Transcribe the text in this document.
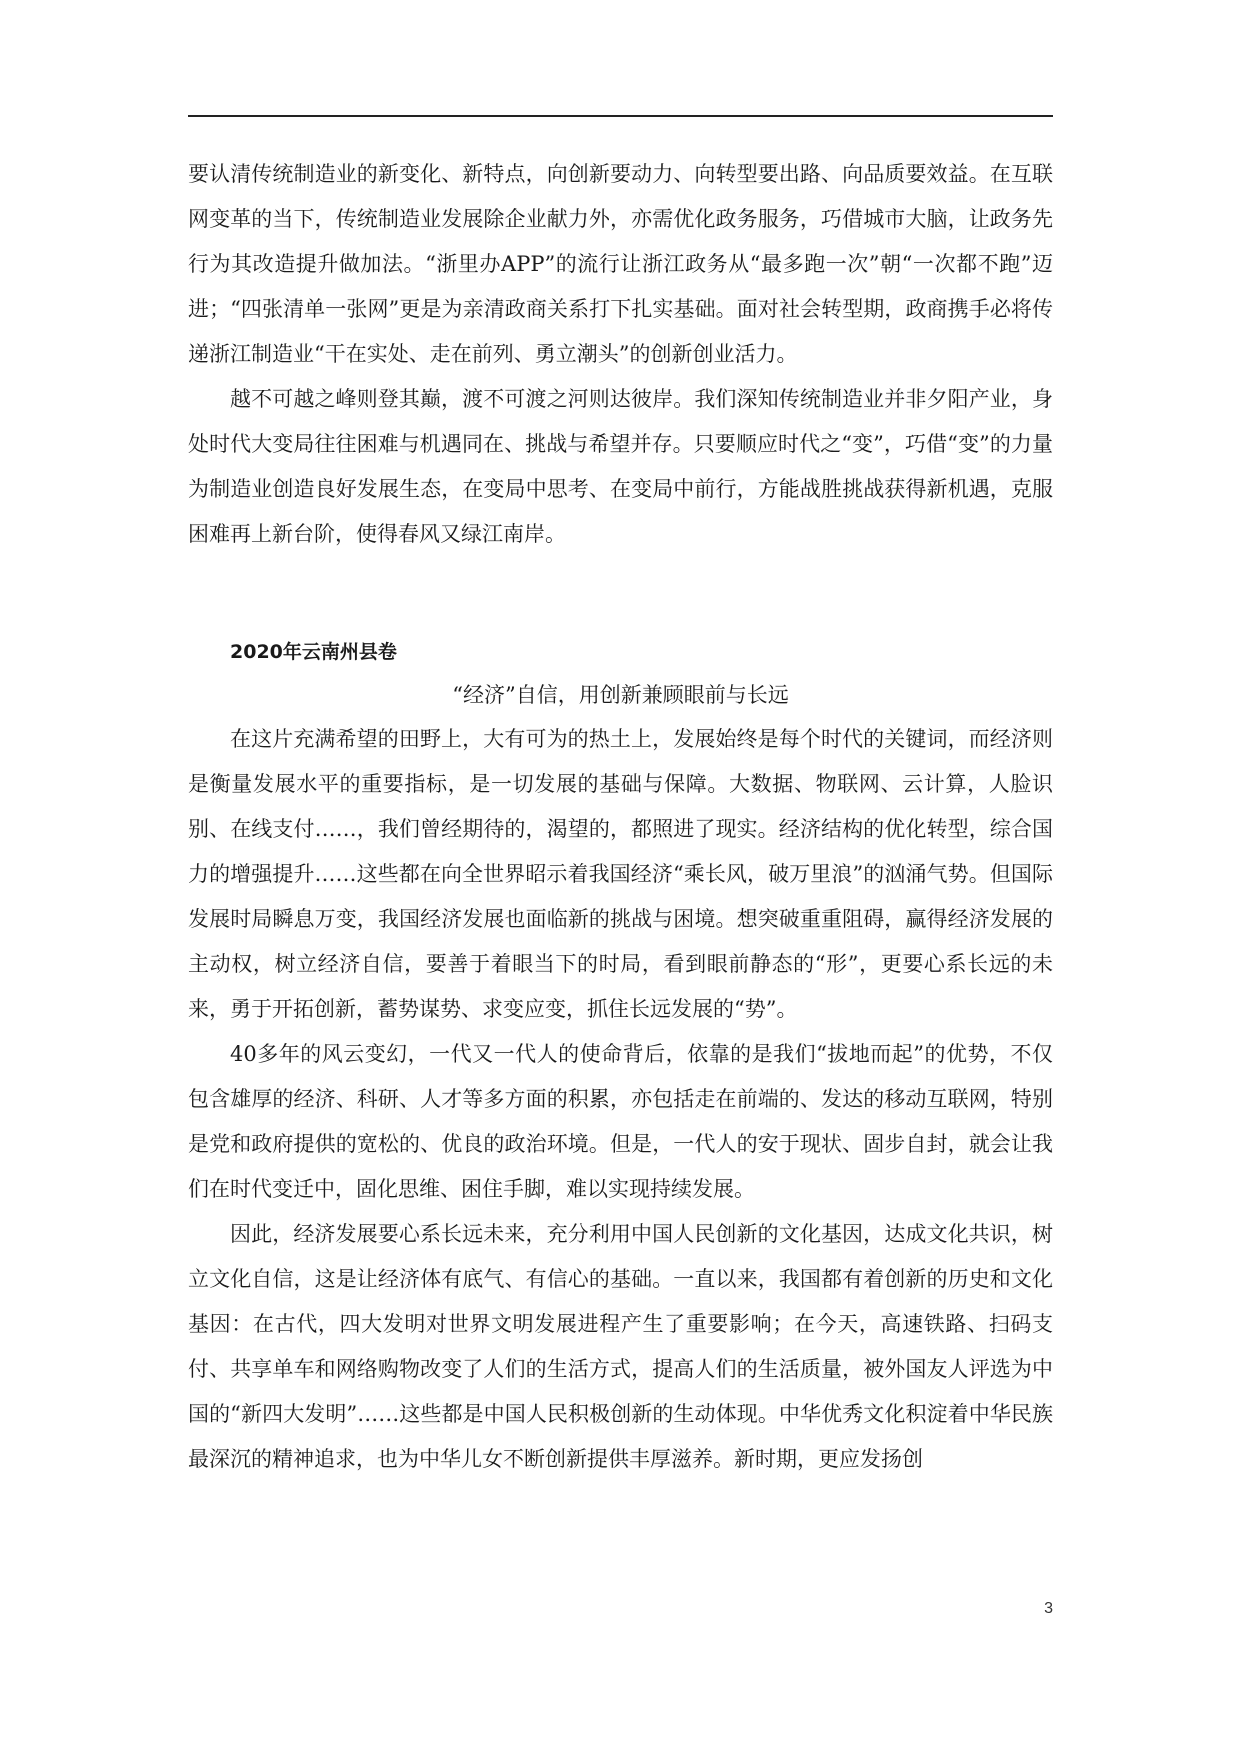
要认清传统制造业的新变化、新特点，向创新要动力、向转型要出路、向品质要效益。在互联网变革的当下，传统制造业发展除企业献力外，亦需优化政务服务，巧借城市大脑，让政务先行为其改造提升做加法。“浙里办APP”的流行让浙江政务从“最多跑一次”朝“一次都不跑”迈进；“四张清单一张网”更是为亲清政商关系打下扎实基础。面对社会转型期，政商携手必将传递浙江制造业“干在实处、走在前列、勇立潮头”的创新创业活力。

越不可越之峰则登其巅，渡不可渡之河则达彼岸。我们深知传统制造业并非夕阳产业，身处时代大变局往往困难与机遇同在、挑战与希望并存。只要顺应时代之“变”，巧借“变”的力量为制造业创造良好发展生态，在变局中思考、在变局中前行，方能战胜挑战获得新机遇，克服困难再上新台阶，使得春风又绿江南岸。

2020年云南州县卷

“经济”自信，用创新兼顾眼前与长远

在这片充满希望的田野上，大有可为的热土上，发展始终是每个时代的关键词，而经济则是衡量发展水平的重要指标，是一切发展的基础与保障。大数据、物联网、云计算，人脸识别、在线支付……，我们曾经期待的，渴望的，都照进了现实。经济结构的优化转型，综合国力的增强提升……这些都在向全世界昭示着我国经济“乘长风，破万里浪”的汹涌气势。但国际发展时局瞬息万变，我国经济发展也面临新的挑战与困境。想突破重重阻碍，赢得经济发展的主动权，树立经济自信，要善于着眼当下的时局，看到眼前静态的“形”，更要心系长远的未来，勇于开拓创新，蓄势谋势、求变应变，抓住长远发展的“势”。

40多年的风云变幻，一代又一代人的使命背后，依靠的是我们“拔地而起”的优势，不仅包含雄厚的经济、科研、人才等多方面的积累，亦包括走在前端的、发达的移动互联网，特别是党和政府提供的宽松的、优良的政治环境。但是，一代人的安于现状、固步自封，就会让我们在时代变迁中，固化思维、困住手脚，难以实现持续发展。

因此，经济发展要心系长远未来，充分利用中国人民创新的文化基因，达成文化共识，树立文化自信，这是让经济体有底气、有信心的基础。一直以来，我国都有着创新的历史和文化基因：在古代，四大发明对世界文明发展进程产生了重要影响；在今天，高速铁路、扫码支付、共享单车和网络购物改变了人们的生活方式，提高人们的生活质量，被外国友人评选为中国的“新四大发明”……这些都是中国人民积极创新的生动体现。中华优秀文化积淀着中华民族最深沉的精神追求，也为中华儿女不断创新提供丰厚滋养。新时期，更应发扬创

3
